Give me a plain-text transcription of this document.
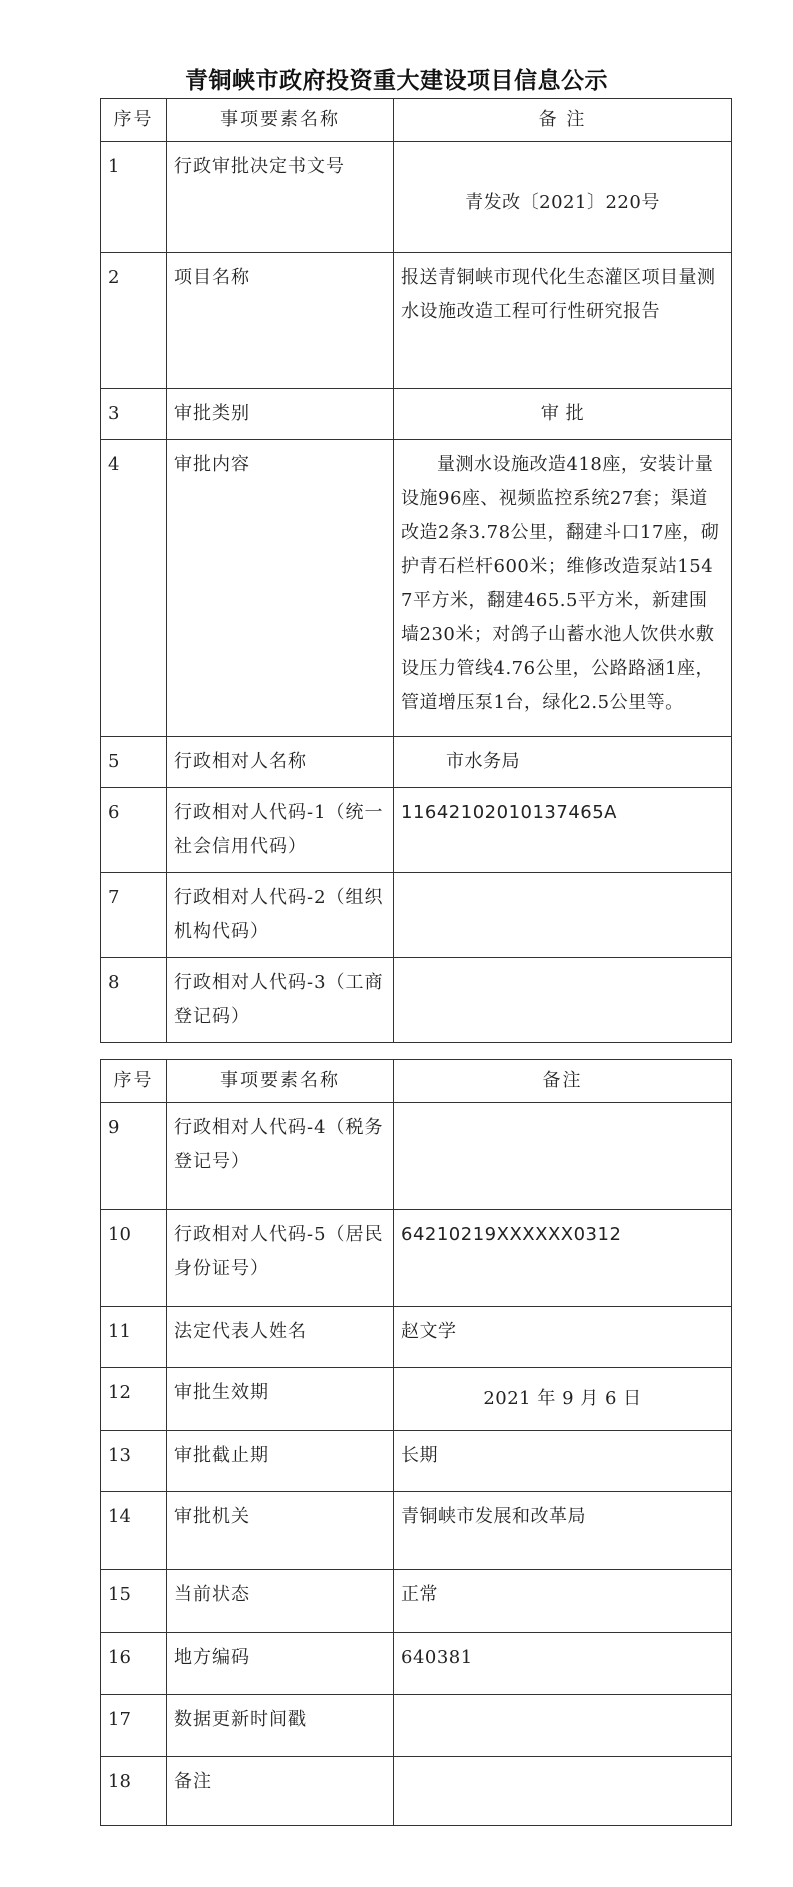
青铜峡市政府投资重大建设项目信息公示
序号	事项要素名称	备 注
1	行政审批决定书文号	青发改〔2021〕220号

2	项目名称	报送青铜峡市现代化生态灌区项目量测水设施改造工程可行性研究报告
3	审批类别	审 批
4	审批内容	量测水设施改造418座，安装计量设施96座、视频监控系统27套；渠道改造2条3.78公里，翻建斗口17座，砌护青石栏杆600米；维修改造泵站1547平方米，翻建465.5平方米，新建围墙230米；对鸽子山蓄水池人饮供水敷设压力管线4.76公里，公路路涵1座，管道增压泵1台，绿化2.5公里等。
5	行政相对人名称	市水务局
6	行政相对人代码-1（统一社会信用代码）	11642102010137465A
7	行政相对人代码-2（组织机构代码）	
8	行政相对人代码-3（工商登记码）	
序号	事项要素名称	备注
9	行政相对人代码-4（税务登记号）	
10	行政相对人代码-5（居民身份证号）	64210219XXXXXX0312
11	法定代表人姓名	赵文学
12	审批生效期	2021 年 9 月 6 日
13	审批截止期	长期
14	审批机关	青铜峡市发展和改革局
15	当前状态	正常
16	地方编码	640381
17	数据更新时间戳	
18	备注	
